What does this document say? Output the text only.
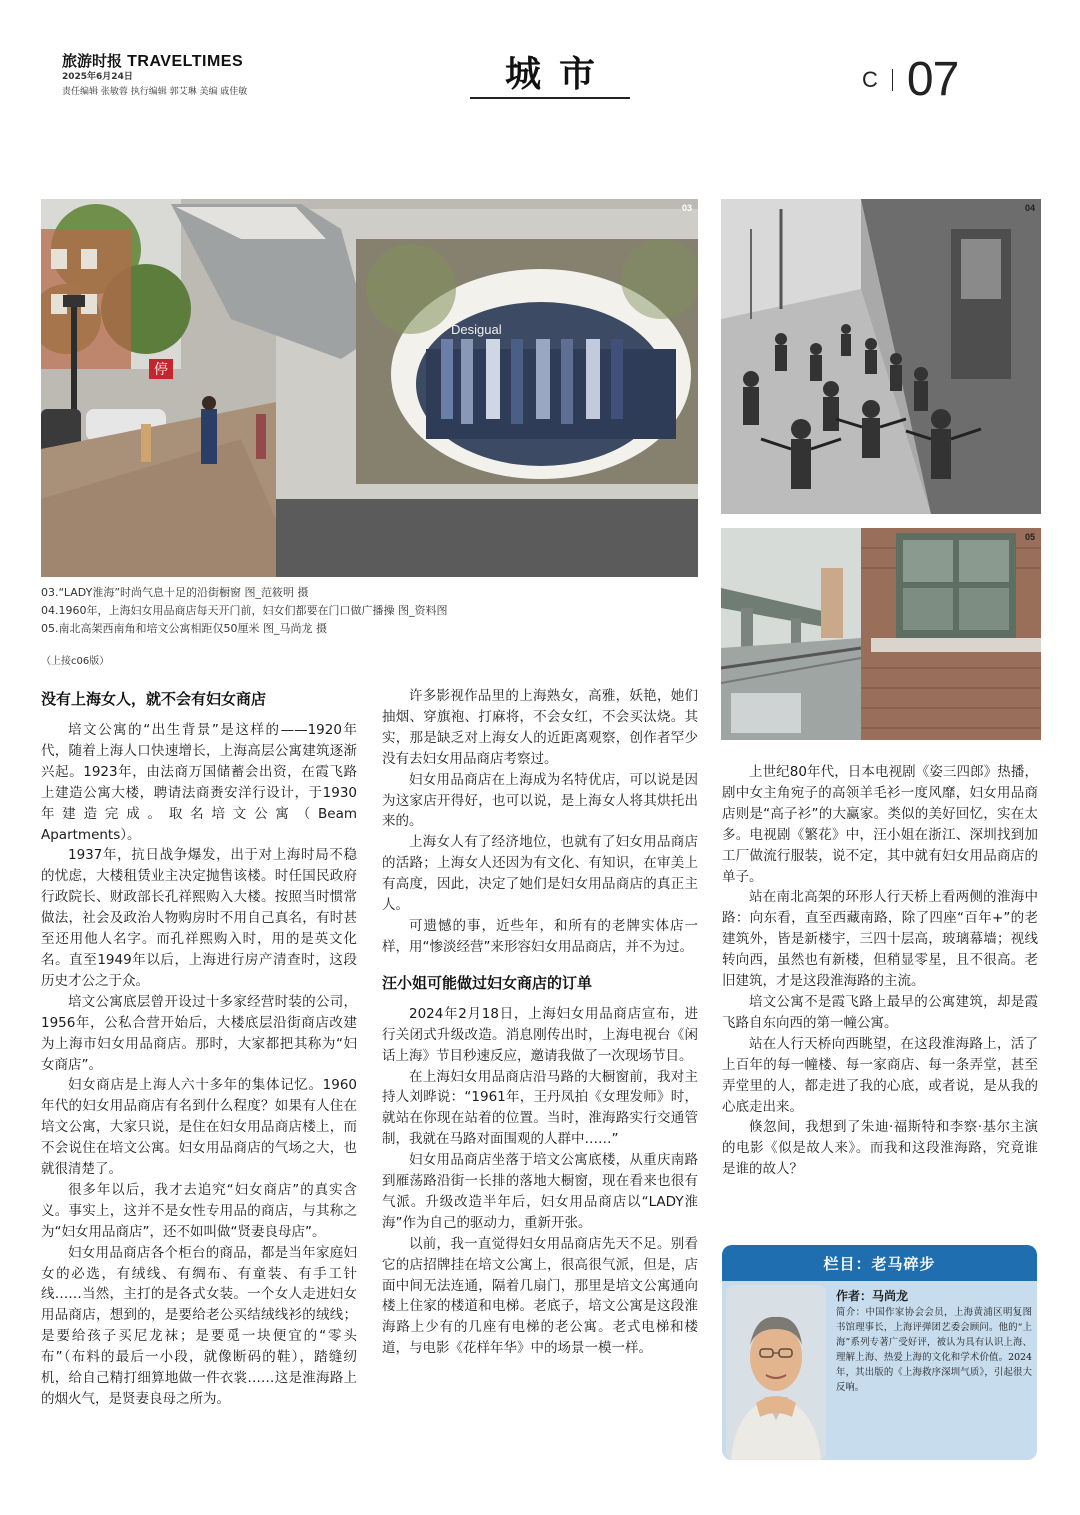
旅游时报 TRAVELTIMES
2025年6月24日
责任编辑 张敏蓉 执行编辑 郭艾琳 美编 戚佳敏	城市	C 07
停
Desigual
03	04
05
03.“LADY淮海”时尚气息十足的沿街橱窗 图_范筱明 摄
04.1960年，上海妇女用品商店每天开门前，妇女们都要在门口做广播操 图_资料图
05.南北高架西南角和培文公寓相距仅50厘米 图_马尚龙 摄
（上接c06版）
没有上海女人，就不会有妇女商店

培文公寓的“出生背景”是这样的——1920年代，随着上海人口快速增长，上海高层公寓建筑逐渐兴起。1923年，由法商万国储蓄会出资，在霞飞路上建造公寓大楼，聘请法商赉安洋行设计，于1930年建造完成。取名培文公寓（Beam Apartments）。

1937年，抗日战争爆发，出于对上海时局不稳的忧虑，大楼租赁业主决定抛售该楼。时任国民政府行政院长、财政部长孔祥熙购入大楼。按照当时惯常做法，社会及政治人物购房时不用自己真名，有时甚至还用他人名字。而孔祥熙购入时，用的是英文化名。直至1949年以后，上海进行房产清查时，这段历史才公之于众。

培文公寓底层曾开设过十多家经营时装的公司，1956年，公私合营开始后，大楼底层沿街商店改建为上海市妇女用品商店。那时，大家都把其称为“妇女商店”。

妇女商店是上海人六十多年的集体记忆。1960年代的妇女用品商店有名到什么程度？如果有人住在培文公寓，大家只说，是住在妇女用品商店楼上，而不会说住在培文公寓。妇女用品商店的气场之大，也就很清楚了。

很多年以后，我才去追究“妇女商店”的真实含义。事实上，这并不是女性专用品的商店，与其称之为“妇女用品商店”，还不如叫做“贤妻良母店”。

妇女用品商店各个柜台的商品，都是当年家庭妇女的必选，有绒线、有绸布、有童装、有手工针线……当然，主打的是各式女装。一个女人走进妇女用品商店，想到的，是要给老公买结绒线衫的绒线；是要给孩子买尼龙袜；是要觅一块便宜的“零头布”（布料的最后一小段，就像断码的鞋），踏缝纫机，给自己精打细算地做一件衣裳……这是淮海路上的烟火气，是贤妻良母之所为。

许多影视作品里的上海熟女，高雅，妖艳，她们抽烟、穿旗袍、打麻将，不会女红，不会买汰烧。其实，那是缺乏对上海女人的近距离观察，创作者罕少没有去妇女用品商店考察过。

妇女用品商店在上海成为名特优店，可以说是因为这家店开得好，也可以说，是上海女人将其烘托出来的。

上海女人有了经济地位，也就有了妇女用品商店的活路；上海女人还因为有文化、有知识，在审美上有高度，因此，决定了她们是妇女用品商店的真正主人。

可遗憾的事，近些年，和所有的老牌实体店一样，用“惨淡经营”来形容妇女用品商店，并不为过。

汪小姐可能做过妇女商店的订单

2024年2月18日，上海妇女用品商店宣布，进行关闭式升级改造。消息刚传出时，上海电视台《闲话上海》节目秒速反应，邀请我做了一次现场节目。

在上海妇女用品商店沿马路的大橱窗前，我对主持人刘晔说：“1961年，王丹凤拍《女理发师》时，就站在你现在站着的位置。当时，淮海路实行交通管制，我就在马路对面围观的人群中……”

妇女用品商店坐落于培文公寓底楼，从重庆南路到雁荡路沿街一长排的落地大橱窗，现在看来也很有气派。升级改造半年后，妇女用品商店以“LADY淮海”作为自己的驱动力，重新开张。

以前，我一直觉得妇女用品商店先天不足。别看它的店招牌挂在培文公寓上，很高很气派，但是，店面中间无法连通，隔着几扇门，那里是培文公寓通向楼上住家的楼道和电梯。老底子，培文公寓是这段淮海路上少有的几座有电梯的老公寓。老式电梯和楼道，与电影《花样年华》中的场景一模一样。

上世纪80年代，日本电视剧《姿三四郎》热播，剧中女主角宛子的高领羊毛衫一度风靡，妇女用品商店则是“高子衫”的大赢家。类似的美好回忆，实在太多。电视剧《繁花》中，汪小姐在浙江、深圳找到加工厂做流行服装，说不定，其中就有妇女用品商店的单子。

站在南北高架的环形人行天桥上看两侧的淮海中路：向东看，直至西藏南路，除了四座“百年+”的老建筑外，皆是新楼宇，三四十层高，玻璃幕墙；视线转向西，虽然也有新楼，但稍显零星，且不很高。老旧建筑，才是这段淮海路的主流。

培文公寓不是霞飞路上最早的公寓建筑，却是霞飞路自东向西的第一幢公寓。

站在人行天桥向西眺望，在这段淮海路上，活了上百年的每一幢楼、每一家商店、每一条弄堂，甚至弄堂里的人，都走进了我的心底，或者说，是从我的心底走出来。

倏忽间，我想到了朱迪·福斯特和李察·基尔主演的电影《似是故人来》。而我和这段淮海路，究竟谁是谁的故人？

栏目：老马碎步
作者：马尚龙
简介：中国作家协会会员，上海黄浦区明复图书馆理事长，上海评弹团艺委会顾问。他的“上海”系列专著广受好评，被认为具有认识上海、理解上海、热爱上海的文化和学术价值。2024年，其出版的《上海救序深圳气质》，引起很大反响。
